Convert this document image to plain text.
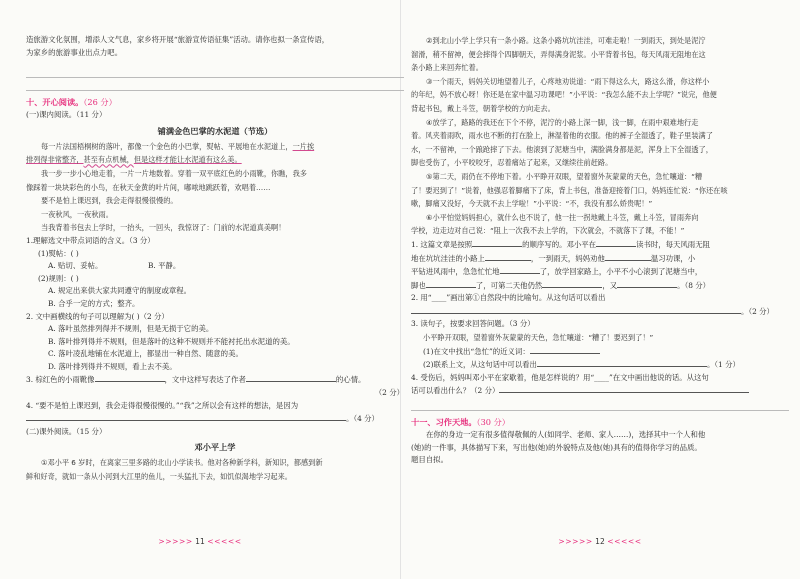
造旅游文化氛围，增添人文气息，家乡将开展“旅游宣传语征集”活动。请你也拟一条宣传语，

为家乡的旅游事业出点力吧。

十、开心阅读。（26 分）

(一)课内阅读。（11 分）

铺满金色巴掌的水泥道（节选）

每一片法国梧桐树的落叶，都像一个金色的小巴掌，熨帖、平展地在水泥道上，一片挨

排列得非常整齐，甚至有点机械，但是这样才能让水泥道有这么美。

我一步一步小心地走着，一片一片地数着。穿着一双平底红色的小雨靴，你瞧，我多

像踩着一块块彩色的小鸟，在秋天金黄的叶片间，嘟哝地跳跃着，欢唱着……

要不是怕上课迟到，我会走得很慢很慢的。

一夜秋风，一夜秋雨。

当我背着书包去上学时，一抬头，一回头，我惊讶了：门前的水泥道真美啊！

1.理解选文中带点词语的含义。（3 分）

(1)熨帖：( )

A. 贴切、妥帖。	B. 平静。

(2)规则：( )

A. 规定出来供大家共同遵守的制度或章程。

B. 合乎一定的方式；整齐。

2. 文中画横线的句子可以理解为( )（2 分）

A. 落叶虽然排列得并不规则，但是无损于它的美。

B. 落叶排列得并不规则，但是落叶的这种不规则并不能衬托出水泥道的美。

C. 落叶凌乱地铺在水泥道上，都显出一种自然、随意的美。

D. 落叶排列得并不规则，看上去不美。

3. 棕红色的小雨靴像	，文中这样写表达了作者	的心情。

（2 分）

4. “要不是怕上课迟到，我会走得很慢很慢的。”“我”之所以会有这样的想法，是因为

。（4 分）

(二)课外阅读。（15 分）

邓小平上学

①邓小平 6 岁时，在离家三里多路的北山小学读书。他对各种新学科，新知识，都感到新

鲜和好奇，就如一条从小河到大江里的鱼儿，一头猛扎下去，如饥似渴地学习起来。

②到北山小学上学只有一条小路。这条小路坑坑洼洼，可难走啦！一到雨天，到处是泥泞

溜滑，稍不留神，便会摔得个四脚朝天，弄得满身泥浆。小平背着书包，每天风雨无阻地在这

条小路上来回奔忙着。

③一个雨天，妈妈关切地望着儿子，心疼地劝说道：“雨下得这么大，路这么滑，你这样小

的年纪，妈不放心呀！你还是在家中温习功课吧！”小平说：“我怎么能不去上学呢？”说完，他便

背起书包，戴上斗笠，朝着学校的方向走去。

④放学了，路路的我还在下个不停，泥泞的小路上深一脚，浅一脚，在雨中艰难地行走

着。风夹着雨吹，雨水也不断的打在脸上，淋湿着他的衣服。他的裤子全湿透了，鞋子里装满了

水，一不留神，一个踉跄摔了下去。他滚到了泥塘当中，满脸满身都是泥，浑身上下全湿透了，

脚也受伤了，小平咬咬牙，忍着痛站了起来，又继续往前赶路。

⑤第二天，雨仍在不停地下着。小平睁开双眼，望着窗外灰蒙蒙的天色，急忙嚷道：“糟

了！要迟到了！”说着，他强忍着脚痛下了床，背上书包，准备迎接着门口，妈妈连忙说：“你还在咳

嗽，脚痛又没好，今天就不去上学啦！”小平说：“不，我没有那么娇贵呢！”

⑥小平怕觉妈妈担心，就什么也不说了，他一拄一拐地戴上斗笠，戴上斗笠，冒雨奔向

学校，边走边对自己说：“阻上一次我不去上学的，下次就会，不就落下了课，不能！”

1. 这篇文章是按照	的顺序写的。邓小平在	读书时，每天风雨无阻

地在坑坑洼洼的小路上	，一到雨天，妈妈劝他	温习功课，小

平钻进风雨中，急急忙忙地	了，放学回家路上，小平不小心滚到了泥塘当中，

脚也	了，可第二天他仍然	，又	。（8 分）

2. 用“____”画出第①自然段中的比喻句。从这句话可以看出

。（2 分）

3. 读句子，按要求回答问题。（3 分）

小平睁开双眼，望着窗外灰蒙蒙的天色，急忙嚷道：“糟了！要迟到了！”

(1)在文中找出“急忙”的近义词：

(2)联系上文，从这句话中可以看出	。（1 分）

4. 受伤后，妈妈叫邓小平在家歇着，他是怎样说的？用“____”在文中画出他说的话。从这句

话可以看出什么？（2 分）

十一、习作天地。（30 分）

在你的身边一定有很多值得敬佩的人(如同学、老师、家人……)，选择其中一个人和他

(她)的一件事，具体描写下来，写出他(她)的外貌特点及他(她)具有的值得你学习的品质。

题目自拟。

>>>>> 11 <<<<<	>>>>> 12 <<<<<
